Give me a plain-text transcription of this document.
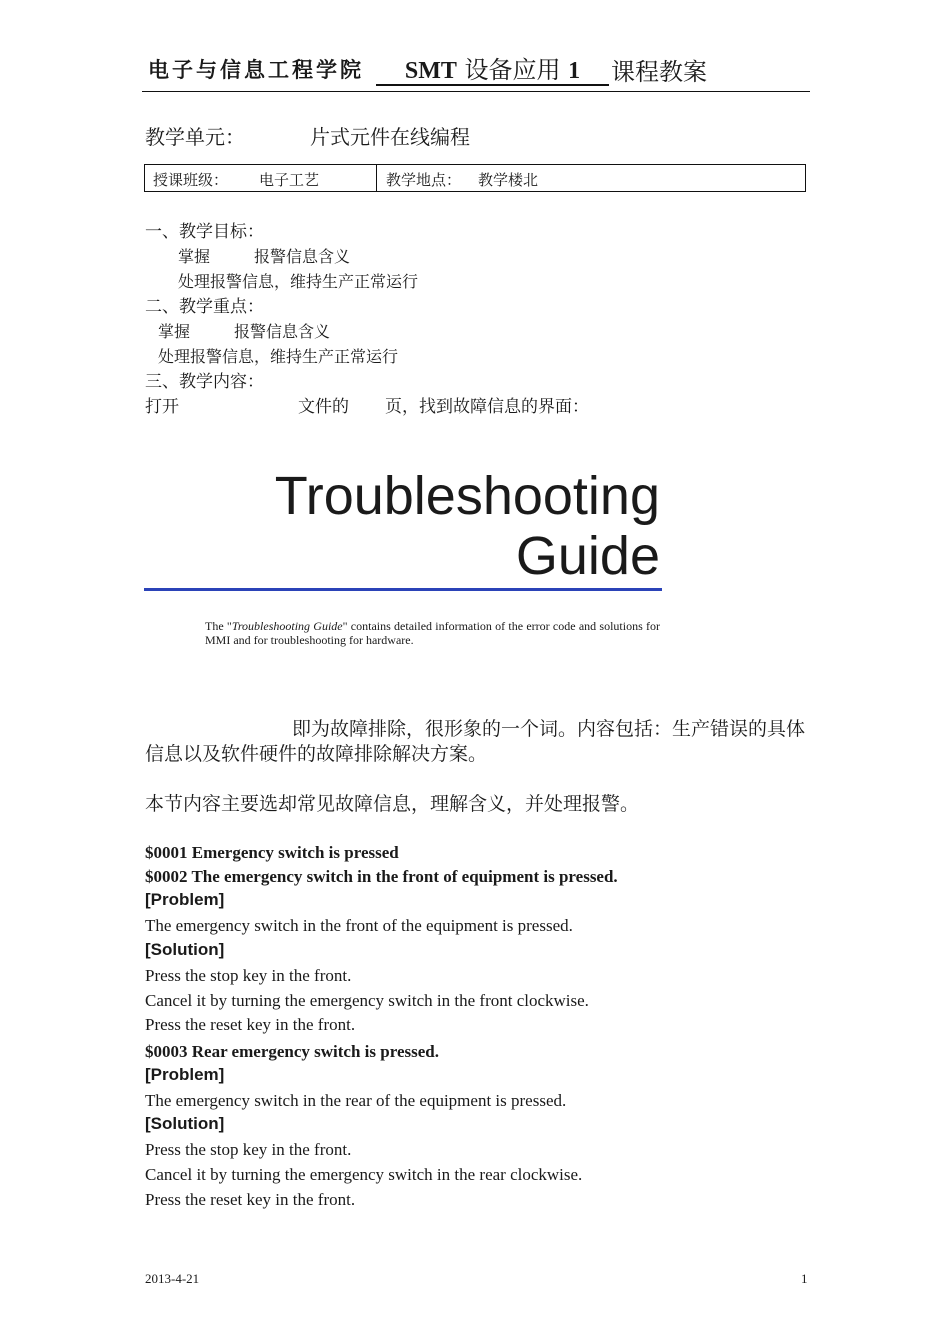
电子与信息工程学院	SMT 设备应用 1	课程教案
教学单元：	片式元件在线编程
授课班级： 电子工艺	教学地点： 教学楼北
一、教学目标：
掌握	报警信息含义
处理报警信息，维持生产正常运行
二、教学重点：
掌握	报警信息含义
处理报警信息，维持生产正常运行
三、教学内容：
打开	文件的 页，找到故障信息的界面：
Troubleshooting
Guide
The "Troubleshooting Guide" contains detailed information of the error code and solutions for MMI and for troubleshooting for hardware.
即为故障排除，很形象的一个词。内容包括：生产错误的具体
信息以及软件硬件的故障排除解决方案。
本节内容主要选却常见故障信息，理解含义，并处理报警。
$0001 Emergency switch is pressed
$0002 The emergency switch in the front of equipment is pressed.
[Problem]
The emergency switch in the front of the equipment is pressed.
[Solution]
Press the stop key in the front.
Cancel it by turning the emergency switch in the front clockwise.
Press the reset key in the front.
$0003 Rear emergency switch is pressed.
[Problem]
The emergency switch in the rear of the equipment is pressed.
[Solution]
Press the stop key in the front.
Cancel it by turning the emergency switch in the rear clockwise.
Press the reset key in the front.
2013-4-21	1
